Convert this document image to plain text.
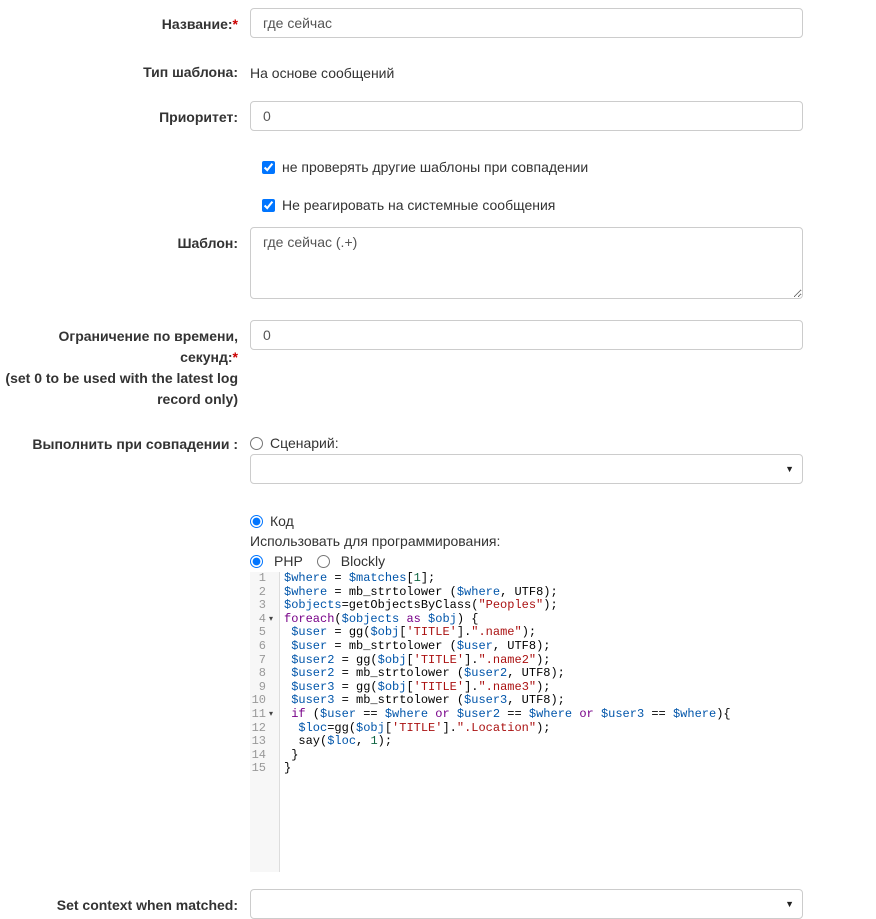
Название:*
где сейчас
Тип шаблона: На основе сообщений
Приоритет:
0
не проверять другие шаблоны при совпадении
Не реагировать на системные сообщения
Шаблон:
где сейчас (.+)
Ограничение по времени, секунд:*
(set 0 to be used with the latest log record only)
0
Выполнить при совпадении :	Сценарий:
▼
Код
Использовать для программирования:
PHP	Blockly
1
2
3
4 ▾
5
6
7
8
9
10
11 ▾
12
13
14
15
$where = $matches[1];
$where = mb_strtolower ($where, UTF8);
$objects=getObjectsByClass("Peoples");
foreach($objects as $obj) {
$user = gg($obj['TITLE'].".name");
$user = mb_strtolower ($user, UTF8);
$user2 = gg($obj['TITLE'].".name2");
$user2 = mb_strtolower ($user2, UTF8);
$user3 = gg($obj['TITLE'].".name3");
$user3 = mb_strtolower ($user3, UTF8);
if ($user == $where or $user2 == $where or $user3 == $where){
$loc=gg($obj['TITLE'].".Location");
say($loc, 1);
}
}
Set context when matched:	▼
